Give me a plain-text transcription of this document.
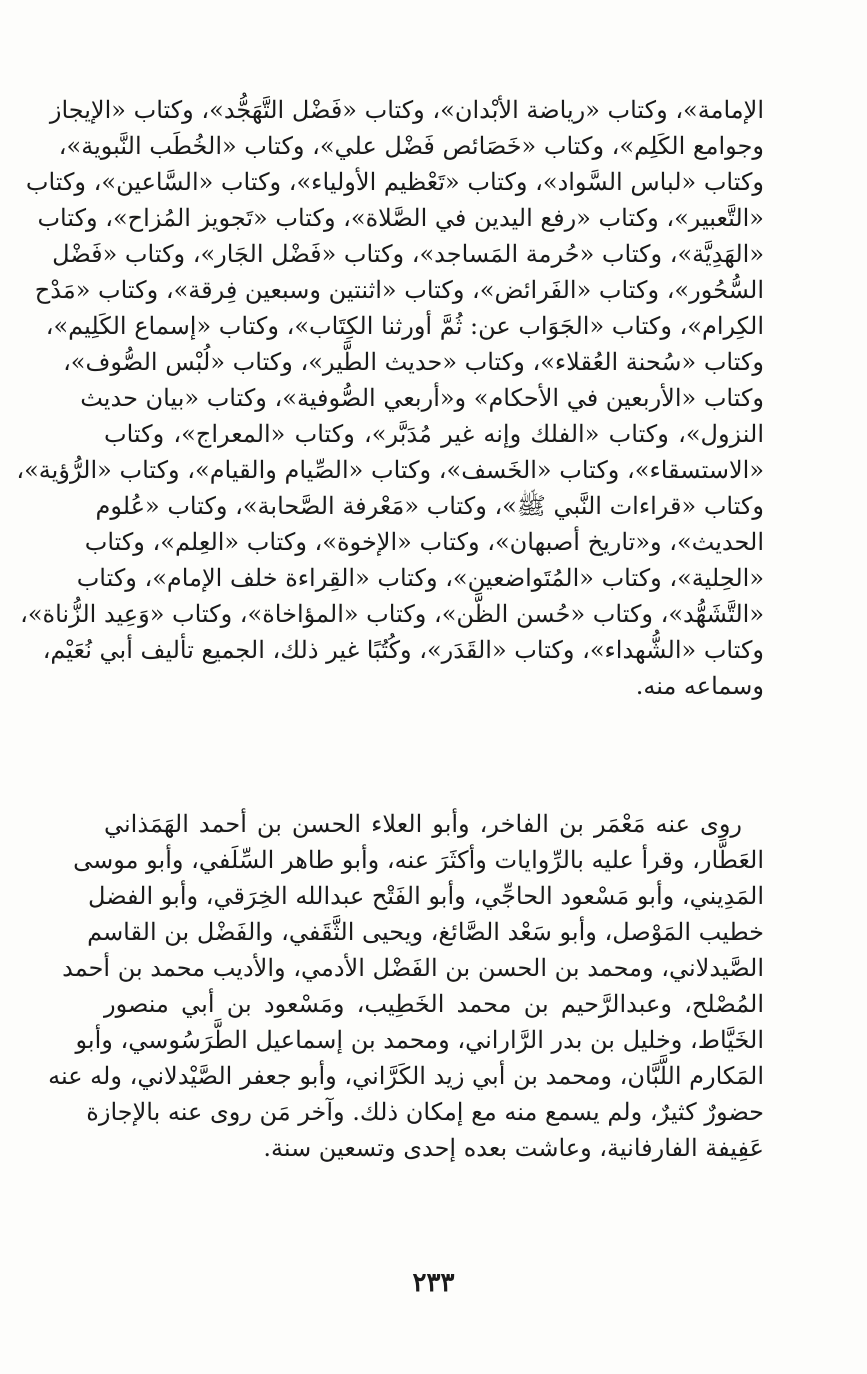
الإمامة»، وكتاب «رياضة الأبْدان»، وكتاب «فَضْل التَّهَجُّد»، وكتاب «الإيجاز
وجوامع الكَلِم»، وكتاب «خَصَائص فَضْل علي»، وكتاب «الخُطَب النَّبوية»،
وكتاب «لباس السَّواد»، وكتاب «تَعْظيم الأولياء»، وكتاب «السَّاعين»، وكتاب
«التَّعبير»، وكتاب «رفع اليدين في الصَّلاة»، وكتاب «تَجويز المُزاح»، وكتاب
«الهَدِيَّة»، وكتاب «حُرمة المَساجد»، وكتاب «فَضْل الجَار»، وكتاب «فَضْل
السُّحُور»، وكتاب «الفَرائض»، وكتاب «اثنتين وسبعين فِرقة»، وكتاب «مَدْح
الكِرام»، وكتاب «الجَوَاب عن: ثُمَّ أورثنا الكِتَاب»، وكتاب «إسماع الكَلِيم»،
وكتاب «سُحنة العُقلاء»، وكتاب «حديث الطَّير»، وكتاب «لُبْس الصُّوف»،
وكتاب «الأربعين في الأحكام» و«أربعي الصُّوفية»، وكتاب «بيان حديث
النزول»، وكتاب «الفلك وإنه غير مُدَبَّر»، وكتاب «المعراج»، وكتاب
«الاستسقاء»، وكتاب «الخَسف»، وكتاب «الصِّيام والقيام»، وكتاب «الرُّؤية»،
وكتاب «قراءات النَّبي ﷺ»، وكتاب «مَعْرفة الصَّحابة»، وكتاب «عُلوم
الحديث»، و«تاريخ أصبهان»، وكتاب «الإخوة»، وكتاب «العِلم»، وكتاب
«الحِلية»، وكتاب «المُتَواضعين»، وكتاب «القِراءة خلف الإمام»، وكتاب
«التَّشَهُّد»، وكتاب «حُسن الظَّن»، وكتاب «المؤاخاة»، وكتاب «وَعِيد الزُّناة»،
وكتاب «الشُّهداء»، وكتاب «القَدَر»، وكُتُبًا غير ذلك، الجميع تأليف أبي نُعَيْم،
وسماعه منه.
روى عنه مَعْمَر بن الفاخر، وأبو العلاء الحسن بن أحمد الهَمَذاني
العَطَّار، وقرأ عليه بالرِّوايات وأكثَرَ عنه، وأبو طاهر السِّلَفي، وأبو موسى
المَدِيني، وأبو مَسْعود الحاجِّي، وأبو الفَتْح عبدالله الخِرَقي، وأبو الفضل
خطيب المَوْصل، وأبو سَعْد الصَّائغ، ويحيى الثَّقَفي، والفَضْل بن القاسم
الصَّيدلاني، ومحمد بن الحسن بن الفَضْل الأدمي، والأديب محمد بن أحمد
المُصْلح، وعبدالرَّحيم بن محمد الخَطِيب، ومَسْعود بن أبي منصور
الخَيَّاط، وخليل بن بدر الرَّاراني، ومحمد بن إسماعيل الطَّرَسُوسي، وأبو
المَكارم اللَّبَّان، ومحمد بن أبي زيد الكَرَّاني، وأبو جعفر الصَّيْدلاني، وله عنه
حضورٌ كثيرٌ، ولم يسمع منه مع إمكان ذلك. وآخر مَن روى عنه بالإجازة
عَفِيفة الفارفانية، وعاشت بعده إحدى وتسعين سنة.
٢٣٣
